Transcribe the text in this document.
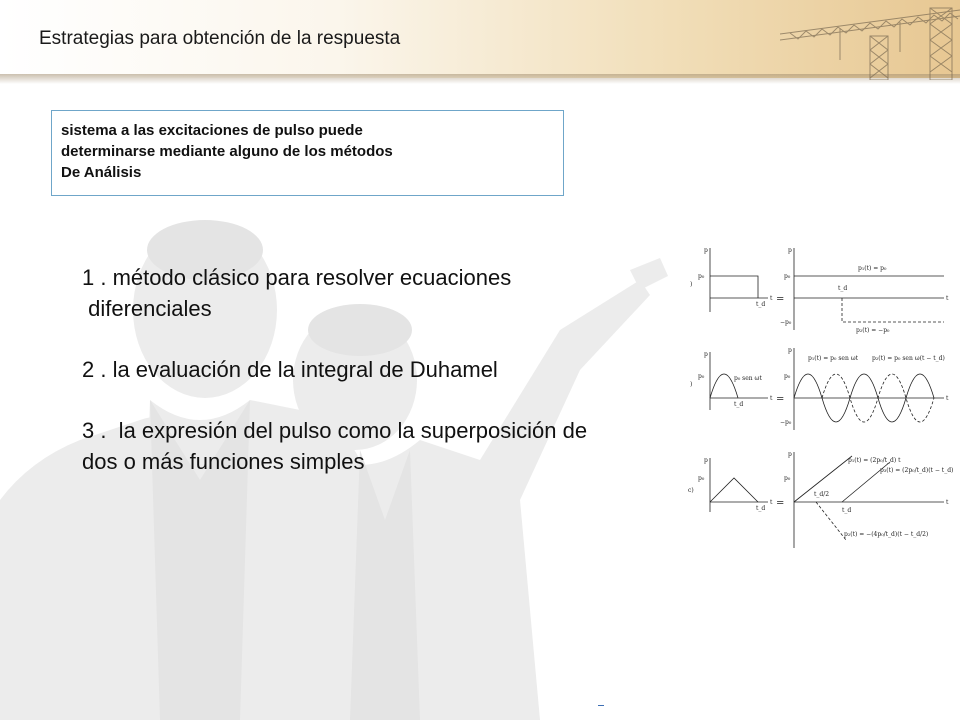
Estrategias para obtención de la respuesta
sistema a las excitaciones de pulso puede
determinarse mediante alguno de los métodos
De Análisis

1 . método clásico para resolver ecuaciones
diferenciales

2 . la evaluación de la integral de Duhamel

3 .  la expresión del pulso como la superposición de
dos o más funciones simples

)
p
p₀
t
t_d =
p
p₀
p₁(t) = p₀
t_d
−p₀
p₂(t) = −p₀
t
)
p
p₀	p₀ sen ωt
t
t_d	=
p
p₀
−p₀
p₁(t) = p₀ sen ωt p₂(t) = p₀ sen ω(t − t_d)
t
c)
p
p₀
t
t_d =
p
p₀
t_d/2
t_d
p₁(t) = (2p₀/t_d) t
p₃(t) = (2p₀/t_d)(t − t_d)
p₂(t) = −(4p₀/t_d)(t − t_d/2)
t
